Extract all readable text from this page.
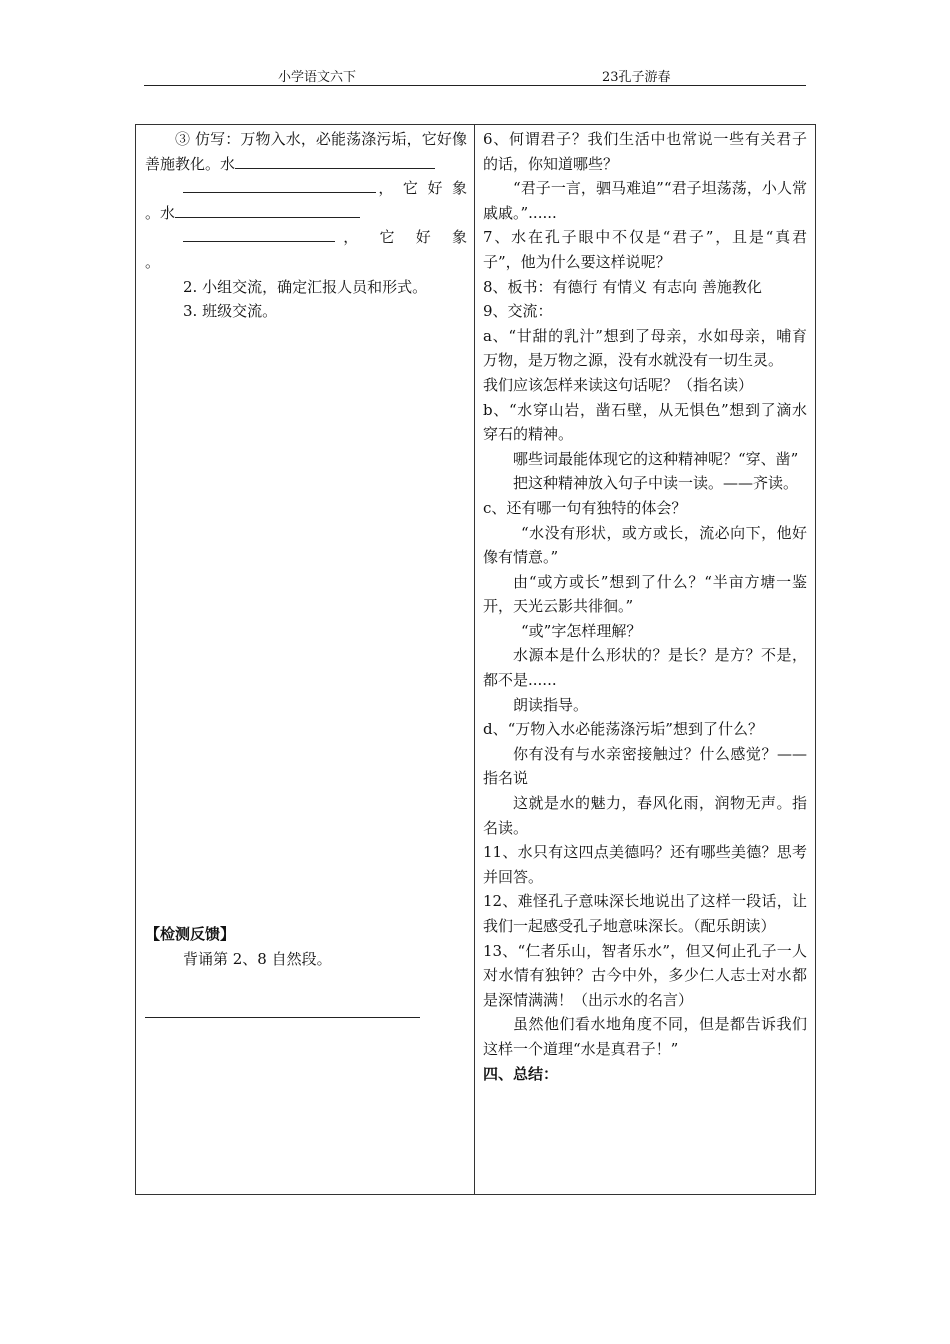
小学语文六下	23孔子游春

③ 仿写：万物入水，必能荡涤污垢，它好像善施教化。水

， 它 好 象

。水

， 它 好 象

。

2. 小组交流，确定汇报人员和形式。

3. 班级交流。

【检测反馈】

背诵第 2、8 自然段。

6、何谓君子？我们生活中也常说一些有关君子的话，你知道哪些？

“君子一言，驷马难追”“君子坦荡荡，小人常戚戚。”......

7、水在孔子眼中不仅是“君子”，且是“真君子”，他为什么要这样说呢？

8、板书：有德行 有情义 有志向 善施教化

9、交流：

a、“甘甜的乳汁”想到了母亲，水如母亲，哺育万物，是万物之源，没有水就没有一切生灵。

我们应该怎样来读这句话呢？（指名读）

b、“水穿山岩，凿石壁，从无惧色”想到了滴水穿石的精神。

哪些词最能体现它的这种精神呢？“穿、凿”

把这种精神放入句子中读一读。——齐读。

c、还有哪一句有独特的体会？

“水没有形状，或方或长，流必向下，他好像有情意。”

由“或方或长”想到了什么？“半亩方塘一鉴开，天光云影共徘徊。”

“或”字怎样理解？

水源本是什么形状的？是长？是方？不是，都不是......

朗读指导。

d、“万物入水必能荡涤污垢”想到了什么？

你有没有与水亲密接触过？什么感觉？——指名说

这就是水的魅力，春风化雨，润物无声。指名读。

11、水只有这四点美德吗？还有哪些美德？思考并回答。

12、难怪孔子意味深长地说出了这样一段话，让我们一起感受孔子地意味深长。（配乐朗读）

13、“仁者乐山，智者乐水”，但又何止孔子一人对水情有独钟？古今中外，多少仁人志士对水都是深情满满！（出示水的名言）

虽然他们看水地角度不同，但是都告诉我们这样一个道理“水是真君子！”

四、总结：
